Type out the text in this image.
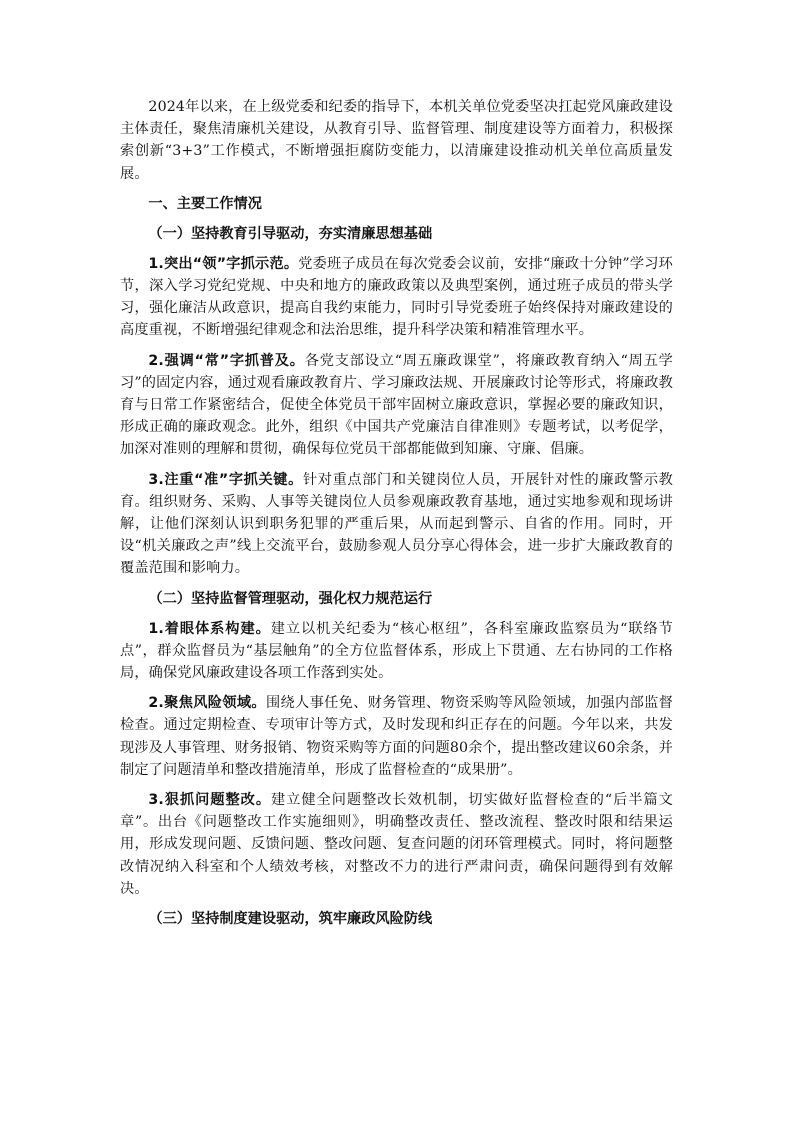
2024年以来，在上级党委和纪委的指导下，本机关单位党委坚决扛起党风廉政建设主体责任，聚焦清廉机关建设，从教育引导、监督管理、制度建设等方面着力，积极探索创新“3+3”工作模式，不断增强拒腐防变能力，以清廉建设推动机关单位高质量发展。

一、主要工作情况

（一）坚持教育引导驱动，夯实清廉思想基础

1.突出“领”字抓示范。党委班子成员在每次党委会议前，安排“廉政十分钟”学习环节，深入学习党纪党规、中央和地方的廉政政策以及典型案例，通过班子成员的带头学习，强化廉洁从政意识，提高自我约束能力，同时引导党委班子始终保持对廉政建设的高度重视，不断增强纪律观念和法治思维，提升科学决策和精准管理水平。

2.强调“常”字抓普及。各党支部设立“周五廉政课堂”，将廉政教育纳入“周五学习”的固定内容，通过观看廉政教育片、学习廉政法规、开展廉政讨论等形式，将廉政教育与日常工作紧密结合，促使全体党员干部牢固树立廉政意识，掌握必要的廉政知识，形成正确的廉政观念。此外，组织《中国共产党廉洁自律准则》专题考试，以考促学，加深对准则的理解和贯彻，确保每位党员干部都能做到知廉、守廉、倡廉。

3.注重“准”字抓关键。针对重点部门和关键岗位人员，开展针对性的廉政警示教育。组织财务、采购、人事等关键岗位人员参观廉政教育基地，通过实地参观和现场讲解，让他们深刻认识到职务犯罪的严重后果，从而起到警示、自省的作用。同时，开设“机关廉政之声”线上交流平台，鼓励参观人员分享心得体会，进一步扩大廉政教育的覆盖范围和影响力。

（二）坚持监督管理驱动，强化权力规范运行

1.着眼体系构建。建立以机关纪委为“核心枢纽”，各科室廉政监察员为“联络节点”，群众监督员为“基层触角”的全方位监督体系，形成上下贯通、左右协同的工作格局，确保党风廉政建设各项工作落到实处。

2.聚焦风险领域。围绕人事任免、财务管理、物资采购等风险领域，加强内部监督检查。通过定期检查、专项审计等方式，及时发现和纠正存在的问题。今年以来，共发现涉及人事管理、财务报销、物资采购等方面的问题80余个，提出整改建议60余条，并制定了问题清单和整改措施清单，形成了监督检查的“成果册”。

3.狠抓问题整改。建立健全问题整改长效机制，切实做好监督检查的“后半篇文章”。出台《问题整改工作实施细则》，明确整改责任、整改流程、整改时限和结果运用，形成发现问题、反馈问题、整改问题、复查问题的闭环管理模式。同时，将问题整改情况纳入科室和个人绩效考核，对整改不力的进行严肃问责，确保问题得到有效解决。

（三）坚持制度建设驱动，筑牢廉政风险防线
